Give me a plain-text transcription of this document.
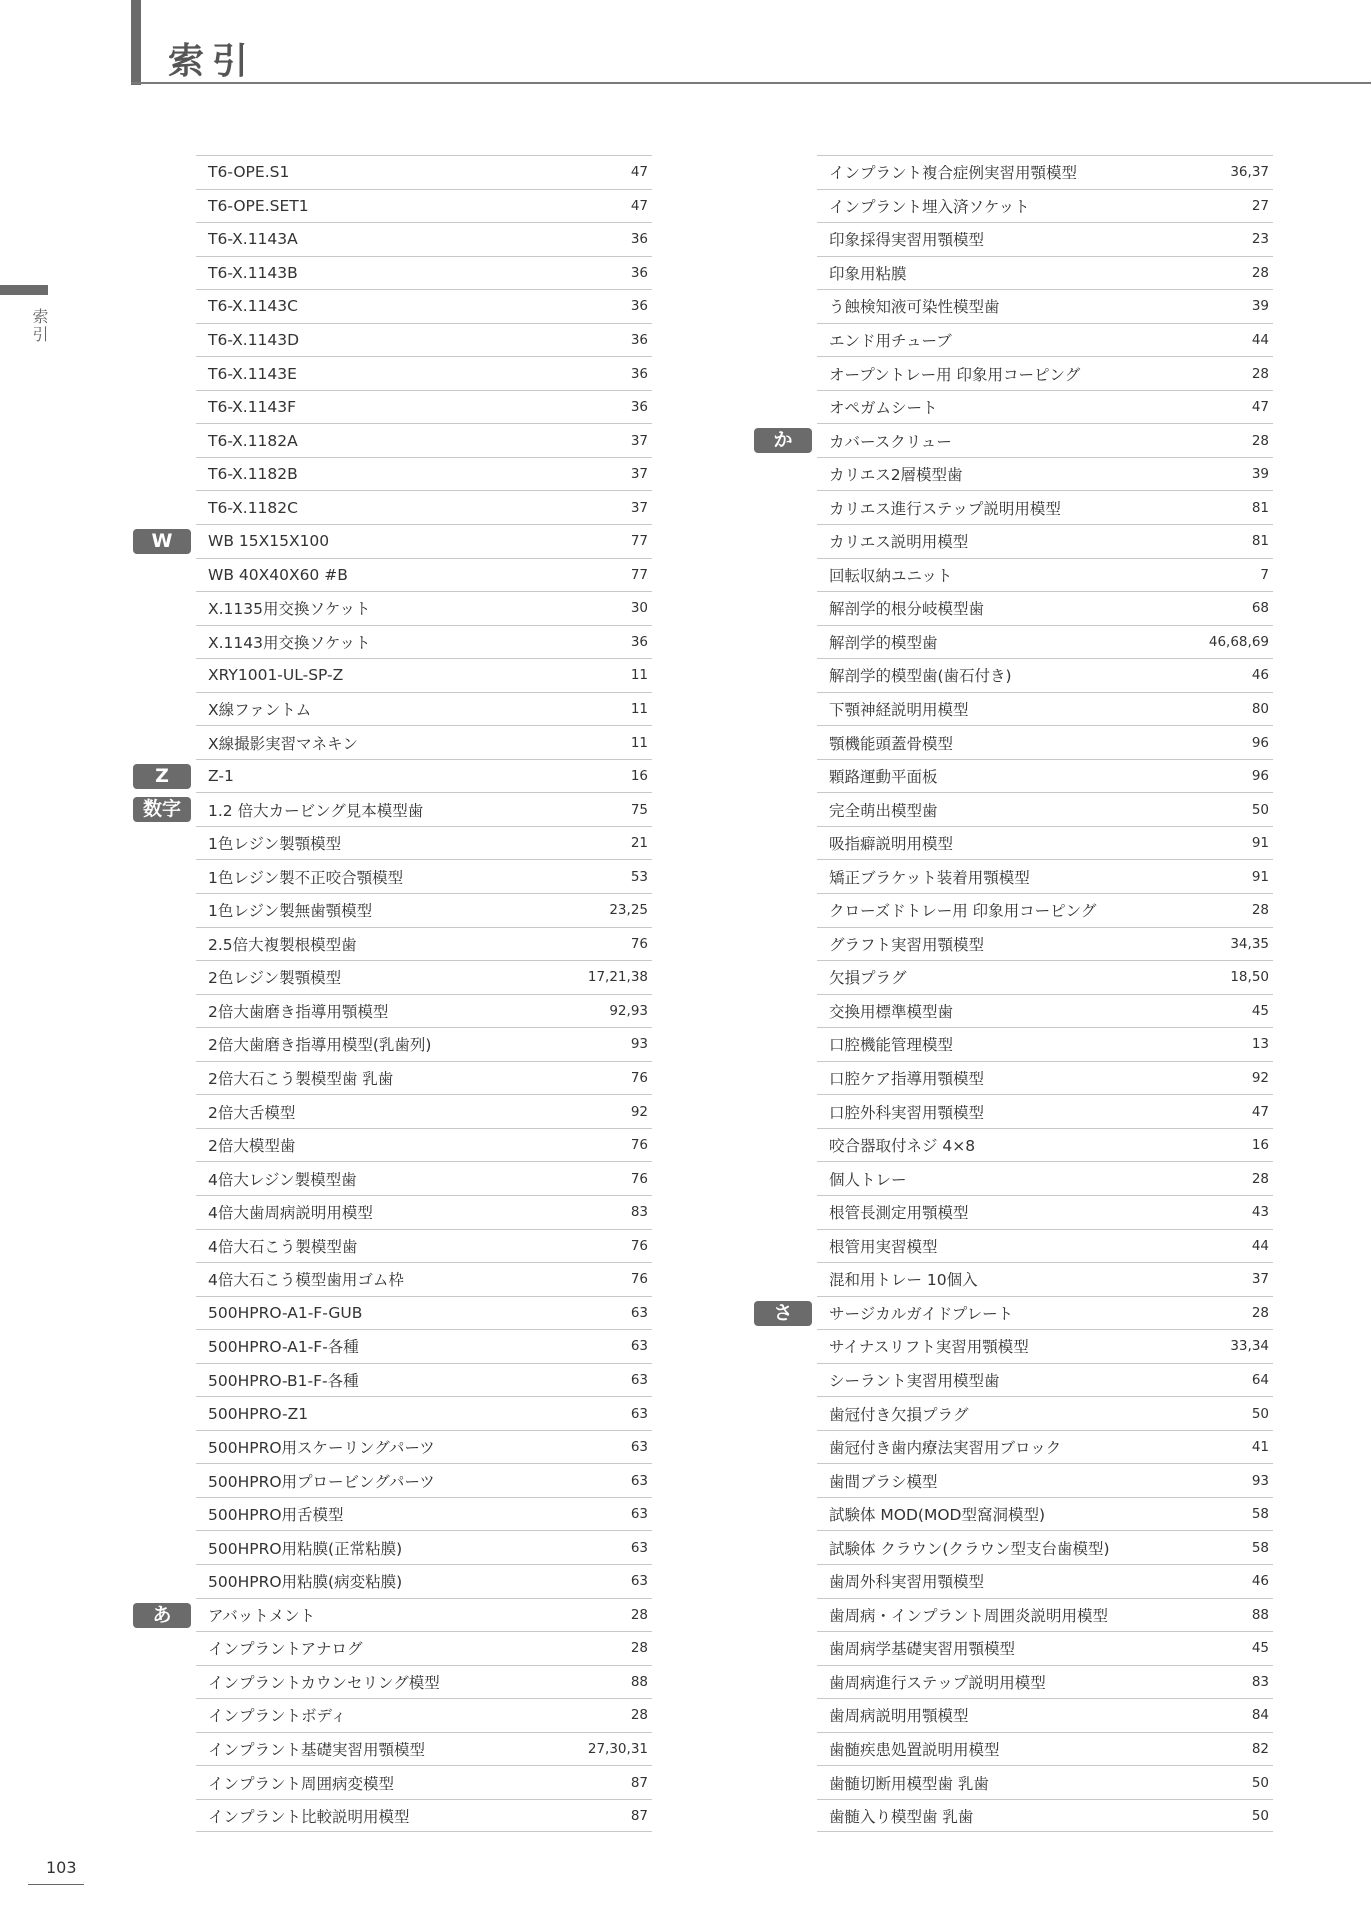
索引
索引
T6-OPE.S1	47
T6-OPE.SET1	47
T6-X.1143A	36
T6-X.1143B	36
T6-X.1143C	36
T6-X.1143D	36
T6-X.1143E	36
T6-X.1143F	36
T6-X.1182A	37
T6-X.1182B	37
T6-X.1182C	37
W	WB 15X15X100	77
WB 40X40X60 #B	77
X.1135用交換ソケット	30
X.1143用交換ソケット	36
XRY1001-UL-SP-Z	11
X線ファントム	11
X線撮影実習マネキン	11
Z	Z-1	16
数字	1.2 倍大カービング見本模型歯	75
1色レジン製顎模型	21
1色レジン製不正咬合顎模型	53
1色レジン製無歯顎模型	23,25
2.5倍大複製根模型歯	76
2色レジン製顎模型	17,21,38
2倍大歯磨き指導用顎模型	92,93
2倍大歯磨き指導用模型(乳歯列)	93
2倍大石こう製模型歯 乳歯	76
2倍大舌模型	92
2倍大模型歯	76
4倍大レジン製模型歯	76
4倍大歯周病説明用模型	83
4倍大石こう製模型歯	76
4倍大石こう模型歯用ゴム枠	76
500HPRO-A1-F-GUB	63
500HPRO-A1-F-各種	63
500HPRO-B1-F-各種	63
500HPRO-Z1	63
500HPRO用スケーリングパーツ	63
500HPRO用プロービングパーツ	63
500HPRO用舌模型	63
500HPRO用粘膜(正常粘膜)	63
500HPRO用粘膜(病変粘膜)	63
あ	アバットメント	28
インプラントアナログ	28
インプラントカウンセリング模型	88
インプラントボディ	28
インプラント基礎実習用顎模型	27,30,31
インプラント周囲病変模型	87
インプラント比較説明用模型	87
インプラント複合症例実習用顎模型	36,37
インプラント埋入済ソケット	27
印象採得実習用顎模型	23
印象用粘膜	28
う蝕検知液可染性模型歯	39
エンド用チューブ	44
オープントレー用 印象用コーピング	28
オペガムシート	47
か	カバースクリュー	28
カリエス2層模型歯	39
カリエス進行ステップ説明用模型	81
カリエス説明用模型	81
回転収納ユニット	7
解剖学的根分岐模型歯	68
解剖学的模型歯	46,68,69
解剖学的模型歯(歯石付き)	46
下顎神経説明用模型	80
顎機能頭蓋骨模型	96
顆路運動平面板	96
完全萌出模型歯	50
吸指癖説明用模型	91
矯正ブラケット装着用顎模型	91
クローズドトレー用 印象用コーピング	28
グラフト実習用顎模型	34,35
欠損プラグ	18,50
交換用標準模型歯	45
口腔機能管理模型	13
口腔ケア指導用顎模型	92
口腔外科実習用顎模型	47
咬合器取付ネジ 4×8	16
個人トレー	28
根管長測定用顎模型	43
根管用実習模型	44
混和用トレー 10個入	37
さ	サージカルガイドプレート	28
サイナスリフト実習用顎模型	33,34
シーラント実習用模型歯	64
歯冠付き欠損プラグ	50
歯冠付き歯内療法実習用ブロック	41
歯間ブラシ模型	93
試験体 MOD(MOD型窩洞模型)	58
試験体 クラウン(クラウン型支台歯模型)	58
歯周外科実習用顎模型	46
歯周病・インプラント周囲炎説明用模型	88
歯周病学基礎実習用顎模型	45
歯周病進行ステップ説明用模型	83
歯周病説明用顎模型	84
歯髄疾患処置説明用模型	82
歯髄切断用模型歯 乳歯	50
歯髄入り模型歯 乳歯	50
103
